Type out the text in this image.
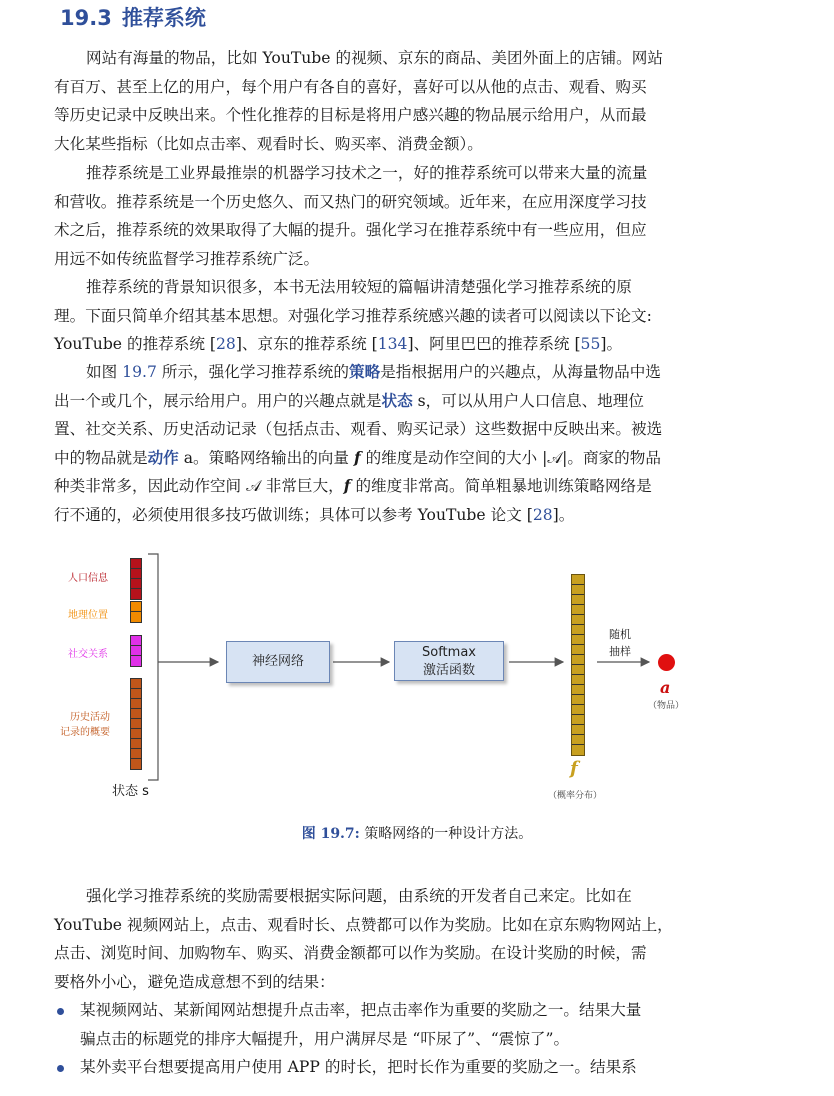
19.3 推荐系统
网站有海量的物品，比如 YouTube 的视频、京东的商品、美团外面上的店铺。网站
有百万、甚至上亿的用户，每个用户有各自的喜好，喜好可以从他的点击、观看、购买
等历史记录中反映出来。个性化推荐的目标是将用户感兴趣的物品展示给用户，从而最
大化某些指标（比如点击率、观看时长、购买率、消费金额）。
推荐系统是工业界最推崇的机器学习技术之一，好的推荐系统可以带来大量的流量
和营收。推荐系统是一个历史悠久、而又热门的研究领域。近年来，在应用深度学习技
术之后，推荐系统的效果取得了大幅的提升。强化学习在推荐系统中有一些应用，但应
用远不如传统监督学习推荐系统广泛。
推荐系统的背景知识很多，本书无法用较短的篇幅讲清楚强化学习推荐系统的原
理。下面只简单介绍其基本思想。对强化学习推荐系统感兴趣的读者可以阅读以下论文:
YouTube 的推荐系统 [28]、京东的推荐系统 [134]、阿里巴巴的推荐系统 [55]。
如图 19.7 所示，强化学习推荐系统的策略是指根据用户的兴趣点，从海量物品中选
出一个或几个，展示给用户。用户的兴趣点就是状态 s，可以从用户人口信息、地理位
置、社交关系、历史活动记录（包括点击、观看、购买记录）这些数据中反映出来。被选
中的物品就是动作 a。策略网络输出的向量 f 的维度是动作空间的大小 |𝒜|。商家的物品
种类非常多，因此动作空间 𝒜 非常巨大，f 的维度非常高。简单粗暴地训练策略网络是
行不通的，必须使用很多技巧做训练；具体可以参考 YouTube 论文 [28]。
人口信息
地理位置
社交关系
历史活动
记录的概要
状态 s
神经网络
Softmax
激活函数
f
（概率分布）
随机
抽样
a
（物品）
图 19.7: 策略网络的一种设计方法。
强化学习推荐系统的奖励需要根据实际问题，由系统的开发者自己来定。比如在
YouTube 视频网站上，点击、观看时长、点赞都可以作为奖励。比如在京东购物网站上，
点击、浏览时间、加购物车、购买、消费金额都可以作为奖励。在设计奖励的时候，需
要格外小心，避免造成意想不到的结果：
某视频网站、某新闻网站想提升点击率，把点击率作为重要的奖励之一。结果大量
骗点击的标题党的排序大幅提升，用户满屏尽是 “吓尿了”、“震惊了”。
某外卖平台想要提高用户使用 APP 的时长，把时长作为重要的奖励之一。结果系
